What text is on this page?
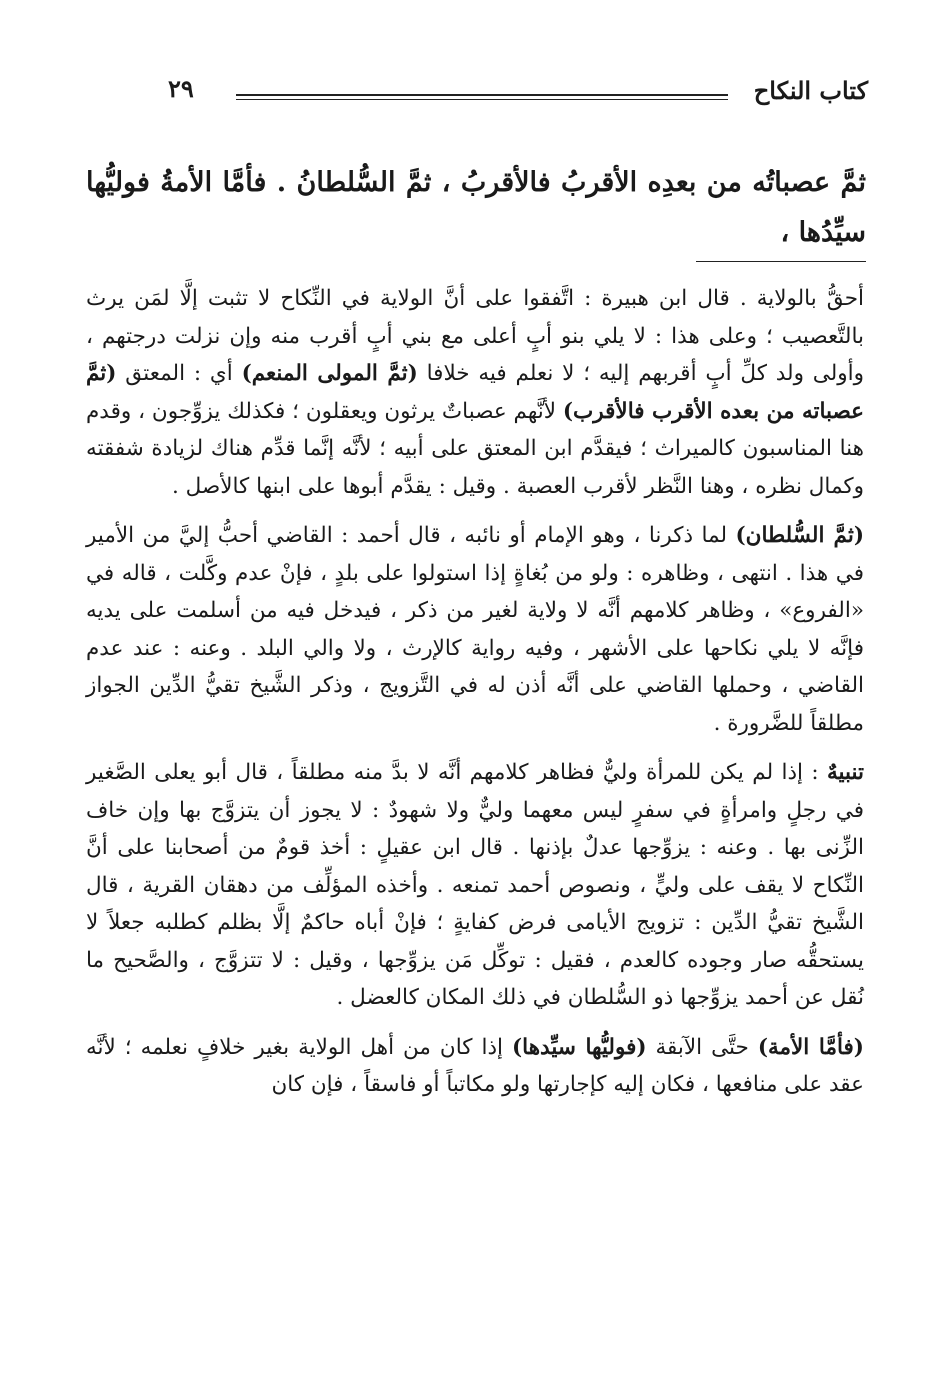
٢٩	كتاب النكاح
ثمَّ عصباتُه من بعدِه الأقربُ فالأقربُ ، ثمَّ السُّلطانُ . فأمَّا الأمةُ فوليُّها سيِّدُها ،

أحقُّ بالولاية . قال ابن هبيرة : اتَّفقوا على أنَّ الولاية في النِّكاح لا تثبت إلَّا لمَن يرث بالتَّعصيب ؛ وعلى هذا : لا يلي بنو أبٍ أعلى مع بني أبٍ أقرب منه وإن نزلت درجتهم ، وأولى ولد كلِّ أبٍ أقربهم إليه ؛ لا نعلم فيه خلافا (ثمَّ المولى المنعم) أي : المعتق (ثمَّ عصباته من بعده الأقرب فالأقرب) لأنَّهم عصباتٌ يرثون ويعقلون ؛ فكذلك يزوِّجون ، وقدم هنا المناسبون كالميراث ؛ فيقدَّم ابن المعتق على أبيه ؛ لأنَّه إنَّما قدِّم هناك لزيادة شفقته وكمال نظره ، وهنا النَّظر لأقرب العصبة . وقيل : يقدَّم أبوها على ابنها كالأصل .

(ثمَّ السُّلطان) لما ذكرنا ، وهو الإمام أو نائبه ، قال أحمد : القاضي أحبُّ إليَّ من الأمير في هذا . انتهى ، وظاهره : ولو من بُغاةٍ إذا استولوا على بلدٍ ، فإنْ عدم وكَّلت ، قاله في «الفروع» ، وظاهر كلامهم أنَّه لا ولاية لغير من ذكر ، فيدخل فيه من أسلمت على يديه فإنَّه لا يلي نكاحها على الأشهر ، وفيه رواية كالإرث ، ولا والي البلد . وعنه : عند عدم القاضي ، وحملها القاضي على أنَّه أذن له في التَّزويج ، وذكر الشَّيخ تقيُّ الدِّين الجواز مطلقاً للضَّرورة .

تنبيهٌ : إذا لم يكن للمرأة وليٌّ فظاهر كلامهم أنَّه لا بدَّ منه مطلقاً ، قال أبو يعلى الصَّغير في رجلٍ وامرأةٍ في سفرٍ ليس معهما وليٌّ ولا شهودٌ : لا يجوز أن يتزوَّج بها وإن خاف الزِّنى بها . وعنه : يزوِّجها عدلٌ بإذنها . قال ابن عقيلٍ : أخذ قومٌ من أصحابنا على أنَّ النِّكاح لا يقف على وليٍّ ، ونصوص أحمد تمنعه . وأخذه المؤلِّف من دهقان القرية ، قال الشَّيخ تقيُّ الدِّين : تزويج الأيامى فرض كفايةٍ ؛ فإنْ أباه حاكمٌ إلَّا بظلم كطلبه جعلاً لا يستحقُّه صار وجوده كالعدم ، فقيل : توكِّل مَن يزوِّجها ، وقيل : لا تتزوَّج ، والصَّحيح ما نُقل عن أحمد يزوِّجها ذو السُّلطان في ذلك المكان كالعضل .

(فأمَّا الأمة) حتَّى الآبقة (فوليُّها سيِّدها) إذا كان من أهل الولاية بغير خلافٍ نعلمه ؛ لأنَّه عقد على منافعها ، فكان إليه كإجارتها ولو مكاتباً أو فاسقاً ، فإن كان
